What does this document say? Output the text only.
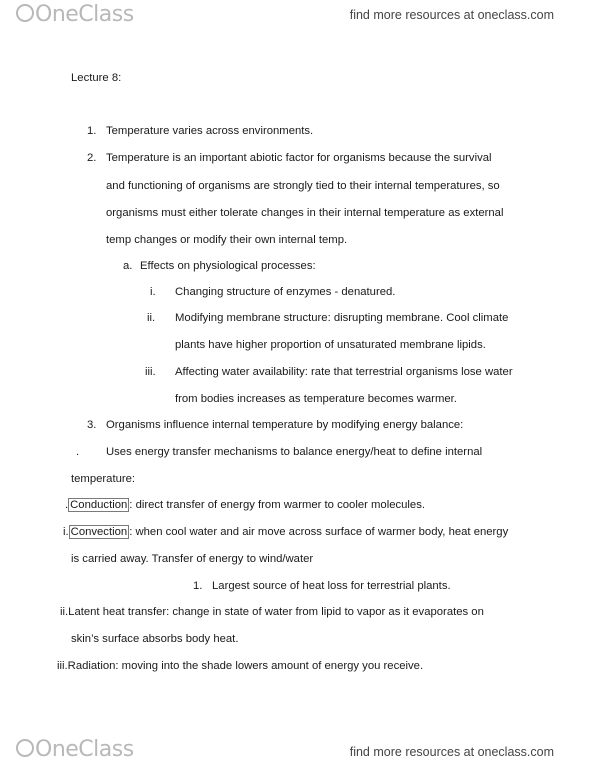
OneClass	find more resources at oneclass.com
Lecture 8:
1. Temperature varies across environments.
2. Temperature is an important abiotic factor for organisms because the survival
and functioning of organisms are strongly tied to their internal temperatures, so
organisms must either tolerate changes in their internal temperature as external
temp changes or modify their own internal temp.
a. Effects on physiological processes:
i. Changing structure of enzymes - denatured.
ii. Modifying membrane structure: disrupting membrane. Cool climate
plants have higher proportion of unsaturated membrane lipids.
iii. Affecting water availability: rate that terrestrial organisms lose water
from bodies increases as temperature becomes warmer.
3. Organisms influence internal temperature by modifying energy balance:
. Uses energy transfer mechanisms to balance energy/heat to define internal
temperature:
. Conduction : direct transfer of energy from warmer to cooler molecules.
i. Convection : when cool water and air move across surface of warmer body, heat energy
is carried away. Transfer of energy to wind/water
1. Largest source of heat loss for terrestrial plants.
ii.Latent heat transfer: change in state of water from lipid to vapor as it evaporates on
skin’s surface absorbs body heat.
iii.Radiation: moving into the shade lowers amount of energy you receive.
OneClass	find more resources at oneclass.com
